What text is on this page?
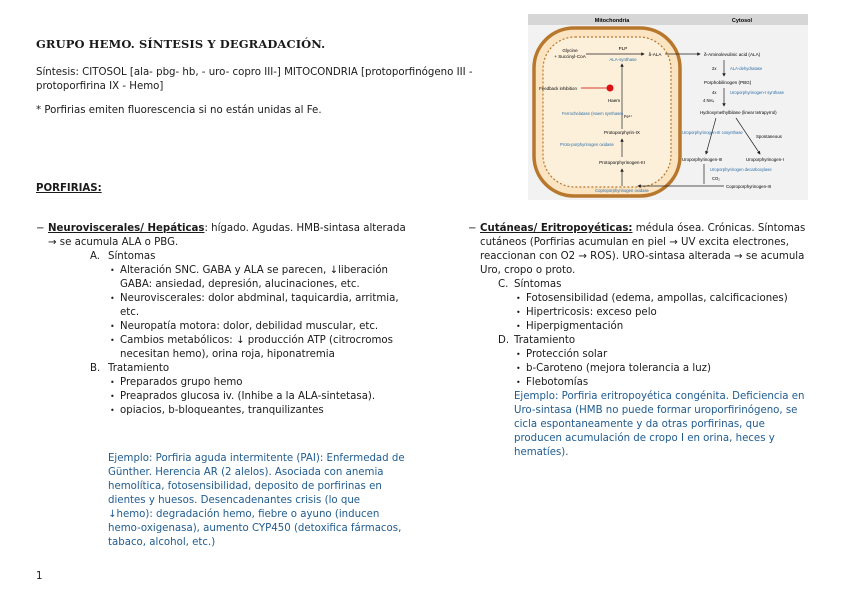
GRUPO HEMO. SÍNTESIS Y DEGRADACIÓN.
Síntesis: CITOSOL [ala- pbg- hb, - uro- copro III-] MITOCONDRIA [protoporfinógeno III - protoporfirina IX - Hemo]
* Porfirias emiten fluorescencia si no están unidas al Fe.
PORFIRIAS:
− Neuroviscerales/ Hepáticas: hígado. Agudas. HMB-sintasa alterada → se acumula ALA o PBG.
A. Síntomas
• Alteración SNC. GABA y ALA se parecen, ↓liberación GABA: ansiedad, depresión, alucinaciones, etc.
• Neuroviscerales: dolor abdminal, taquicardia, arritmia, etc.
• Neuropatía motora: dolor, debilidad muscular, etc.
• Cambios metabólicos: ↓ producción ATP (citrocromos necesitan hemo), orina roja, hiponatremia
B. Tratamiento
• Preparados grupo hemo
• Preaprados glucosa iv. (Inhibe a la ALA-sintetasa).
• opiacios, b-bloqueantes, tranquilizantes
Ejemplo: Porfiria aguda intermitente (PAI): Enfermedad de Günther. Herencia AR (2 alelos). Asociada con anemia hemolítica, fotosensibilidad, deposito de porfirinas en dientes y huesos. Desencadenantes crisis (lo que ↓hemo): degradación hemo, fiebre o ayuno (inducen hemo-oxigenasa), aumento CYP450 (detoxifica fármacos, tabaco, alcohol, etc.)
− Cutáneas/ Eritropoyéticas: médula ósea. Crónicas. Síntomas cutáneos (Porfirias acumulan en piel → UV excita electrones, reaccionan con O2 → ROS). URO-sintasa alterada → se acumula Uro, cropo o proto.
C. Síntomas
• Fotosensibilidad (edema, ampollas, calcificaciones)
• Hipertricosis: exceso pelo
• Hiperpigmentación
D. Tratamiento
• Protección solar
• b-Caroteno (mejora tolerancia a luz)
• Flebotomías
Ejemplo: Porfiria eritropoyética congénita. Deficiencia en Uro-sintasa (HMB no puede formar uroporfirinógeno, se cicla espontaneamente y da otras porfirinas, que producen acumulación de cropo I en orina, heces y hematíes).
1
Mitochondria	Cytosol
Glycine
+ Succinyl-CoA
PLP
ALA-synthase
δ-ALA
Feedback inhibition
Haem
Fe²⁺
Ferrochelatase (Haem synthase)
Protoporphyrin-IX
Proto-porphyrinogen oxidase
Protoporphyrinogen-III
Coproporphyrinogen oxidase
δ-Aminolevulinic acid (ALA)
2x	ALA-dehydratase
Porphobilinogen (PBG)
4x
4 NH₄
Uroporphyrinogen-I synthase
Hydroxymethylbilane (linear tetrapyrrol)
Uroporphyrinogen-III cosynthase
Spontaneous
Uroporphyrinogen-III	Uroporphyrinogen-I
Uroporphyrinogen decarboxylase
CO₂
Coproporphyrinogen-III
